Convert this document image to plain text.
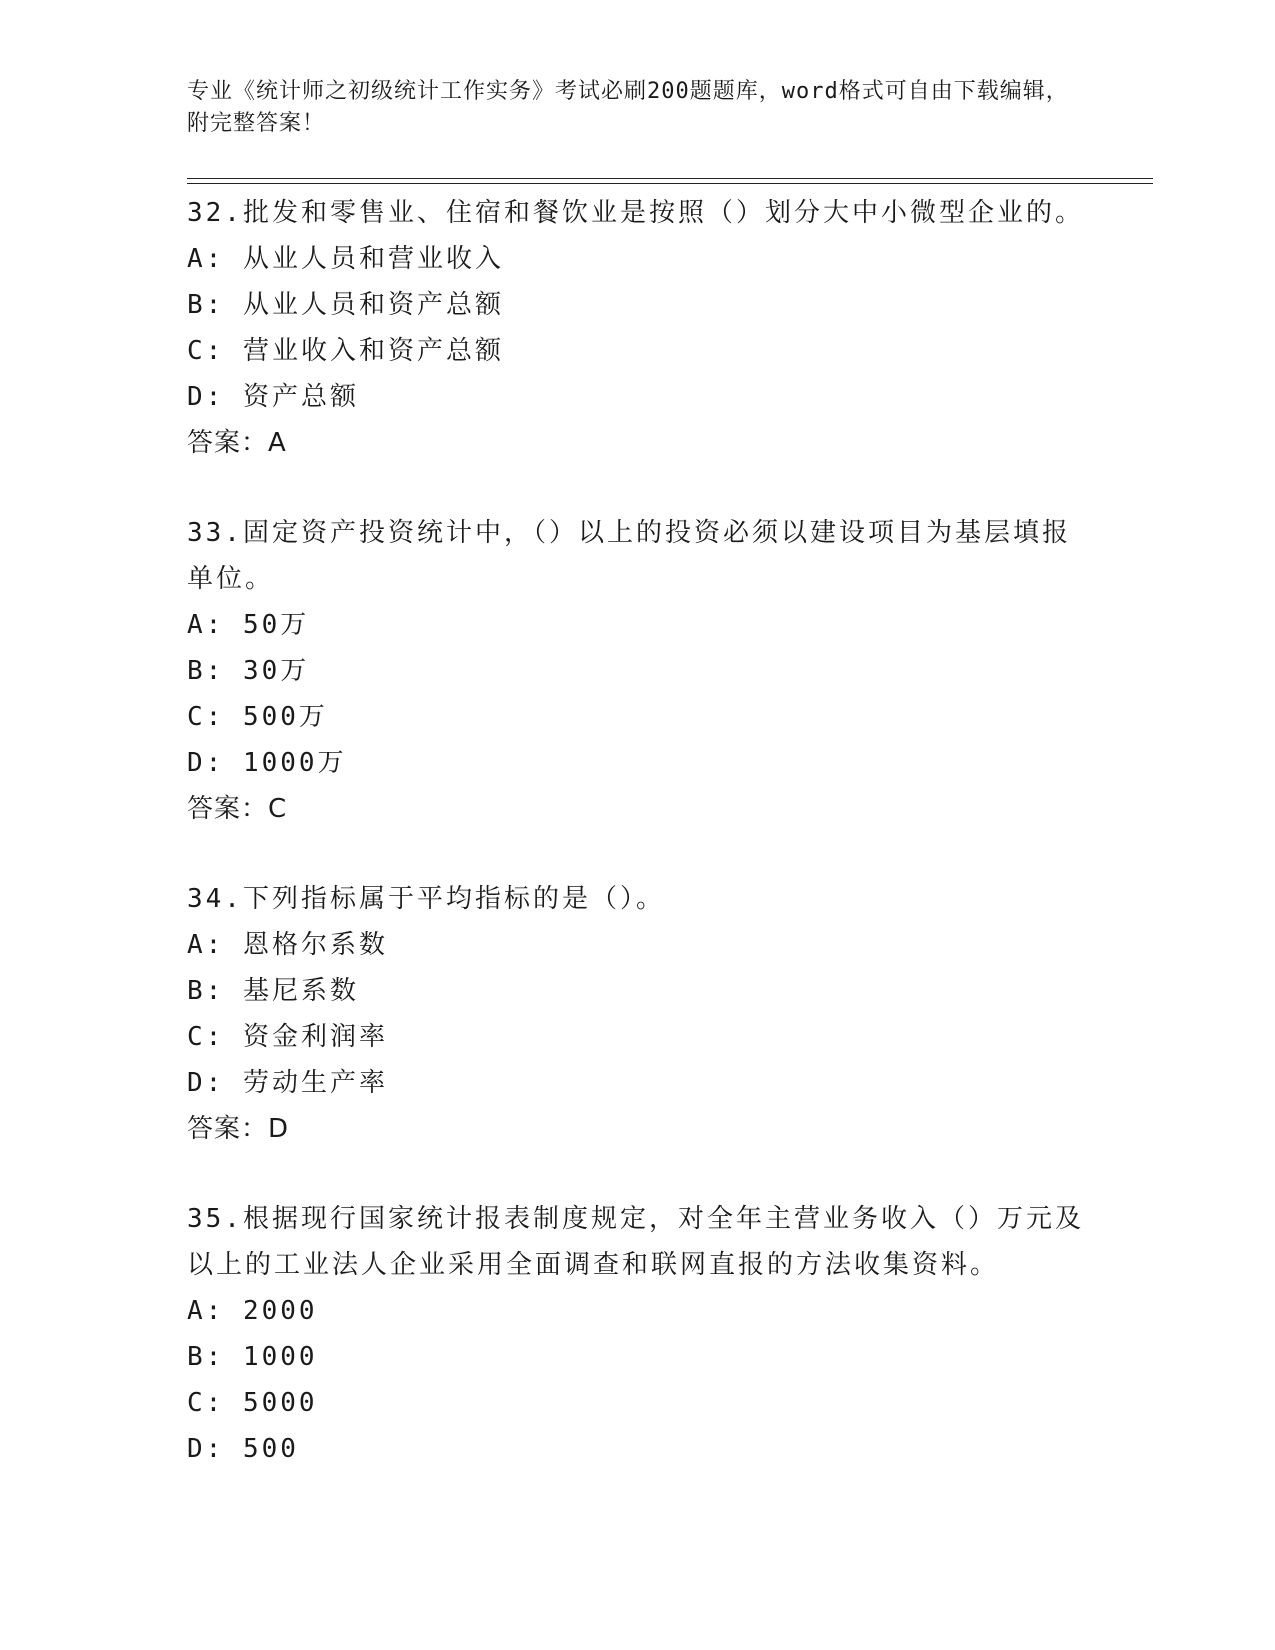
专业《统计师之初级统计工作实务》考试必刷200题题库，word格式可自由下载编辑，附完整答案！

32.批发和零售业、住宿和餐饮业是按照（）划分大中小微型企业的。

A: 从业人员和营业收入

B: 从业人员和资产总额

C: 营业收入和资产总额

D: 资产总额

答案：A

33.固定资产投资统计中，（）以上的投资必须以建设项目为基层填报单位。

A: 50万

B: 30万

C: 500万

D: 1000万

答案：C

34.下列指标属于平均指标的是（）。

A: 恩格尔系数

B: 基尼系数

C: 资金利润率

D: 劳动生产率

答案：D

35.根据现行国家统计报表制度规定，对全年主营业务收入（）万元及以上的工业法人企业采用全面调查和联网直报的方法收集资料。

A: 2000

B: 1000

C: 5000

D: 500
